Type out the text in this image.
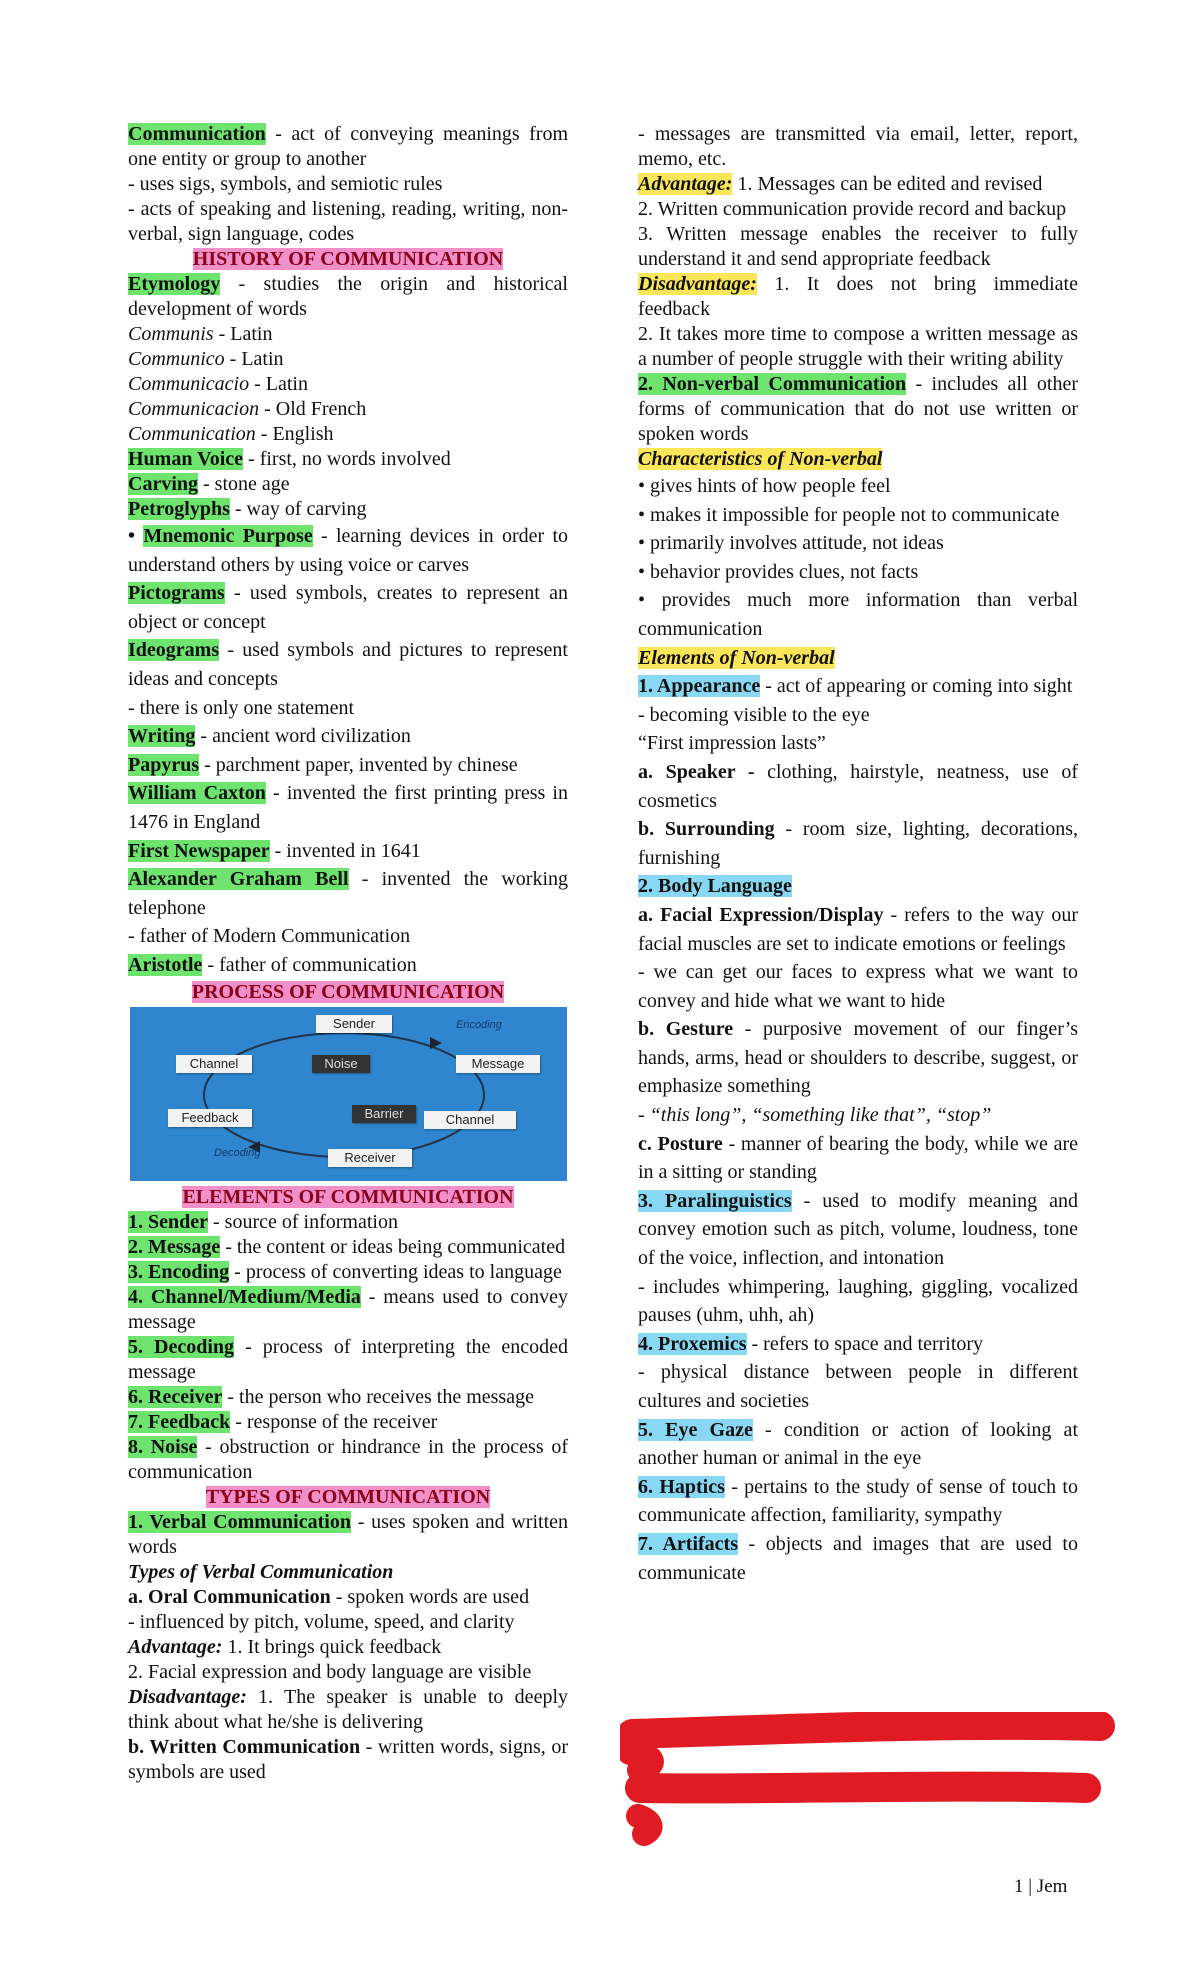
Communication - act of conveying meanings from one entity or group to another

- uses sigs, symbols, and semiotic rules

- acts of speaking and listening, reading, writing, non-verbal, sign language, codes

HISTORY OF COMMUNICATION

Etymology - studies the origin and historical development of words

Communis - Latin

Communico - Latin

Communicacio - Latin

Communicacion - Old French

Communication - English

Human Voice - first, no words involved

Carving - stone age

Petroglyphs - way of carving

• Mnemonic Purpose - learning devices in order to understand others by using voice or carves

Pictograms - used symbols, creates to represent an object or concept

Ideograms - used symbols and pictures to represent ideas and concepts

- there is only one statement

Writing - ancient word civilization

Papyrus - parchment paper, invented by chinese

William Caxton - invented the first printing press in 1476 in England

First Newspaper - invented in 1641

Alexander Graham Bell - invented the working telephone

- father of Modern Communication

Aristotle - father of communication

PROCESS OF COMMUNICATION

Sender	Encoding
Message
Channel	Noise
Feedback	Barrier	Channel
Decoding	Receiver

ELEMENTS OF COMMUNICATION

1. Sender - source of information

2. Message - the content or ideas being communicated

3. Encoding - process of converting ideas to language

4. Channel/Medium/Media - means used to convey message

5. Decoding - process of interpreting the encoded message

6. Receiver - the person who receives the message

7. Feedback - response of the receiver

8. Noise - obstruction or hindrance in the process of communication

TYPES OF COMMUNICATION

1. Verbal Communication - uses spoken and written words

Types of Verbal Communication

a. Oral Communication - spoken words are used

- influenced by pitch, volume, speed, and clarity

Advantage: 1. It brings quick feedback

2. Facial expression and body language are visible

Disadvantage: 1. The speaker is unable to deeply think about what he/she is delivering

b. Written Communication - written words, signs, or symbols are used

- messages are transmitted via email, letter, report, memo, etc.

Advantage: 1. Messages can be edited and revised

2. Written communication provide record and backup

3. Written message enables the receiver to fully understand it and send appropriate feedback

Disadvantage: 1. It does not bring immediate feedback

2. It takes more time to compose a written message as a number of people struggle with their writing ability

2. Non-verbal Communication - includes all other forms of communication that do not use written or spoken words

Characteristics of Non-verbal

• gives hints of how people feel

• makes it impossible for people not to communicate

• primarily involves attitude, not ideas

• behavior provides clues, not facts

• provides much more information than verbal communication

Elements of Non-verbal

1. Appearance - act of appearing or coming into sight

- becoming visible to the eye

“First impression lasts”

a. Speaker - clothing, hairstyle, neatness, use of cosmetics

b. Surrounding - room size, lighting, decorations, furnishing

2. Body Language

a. Facial Expression/Display - refers to the way our facial muscles are set to indicate emotions or feelings

- we can get our faces to express what we want to convey and hide what we want to hide

b. Gesture - purposive movement of our finger’s hands, arms, head or shoulders to describe, suggest, or emphasize something

- “this long”, “something like that”, “stop”

c. Posture - manner of bearing the body, while we are in a sitting or standing

3. Paralinguistics - used to modify meaning and convey emotion such as pitch, volume, loudness, tone of the voice, inflection, and intonation

- includes whimpering, laughing, giggling, vocalized pauses (uhm, uhh, ah)

4. Proxemics - refers to space and territory

- physical distance between people in different cultures and societies

5. Eye Gaze - condition or action of looking at another human or animal in the eye

6. Haptics - pertains to the study of sense of touch to communicate affection, familiarity, sympathy

7. Artifacts - objects and images that are used to communicate

1 | Jem
